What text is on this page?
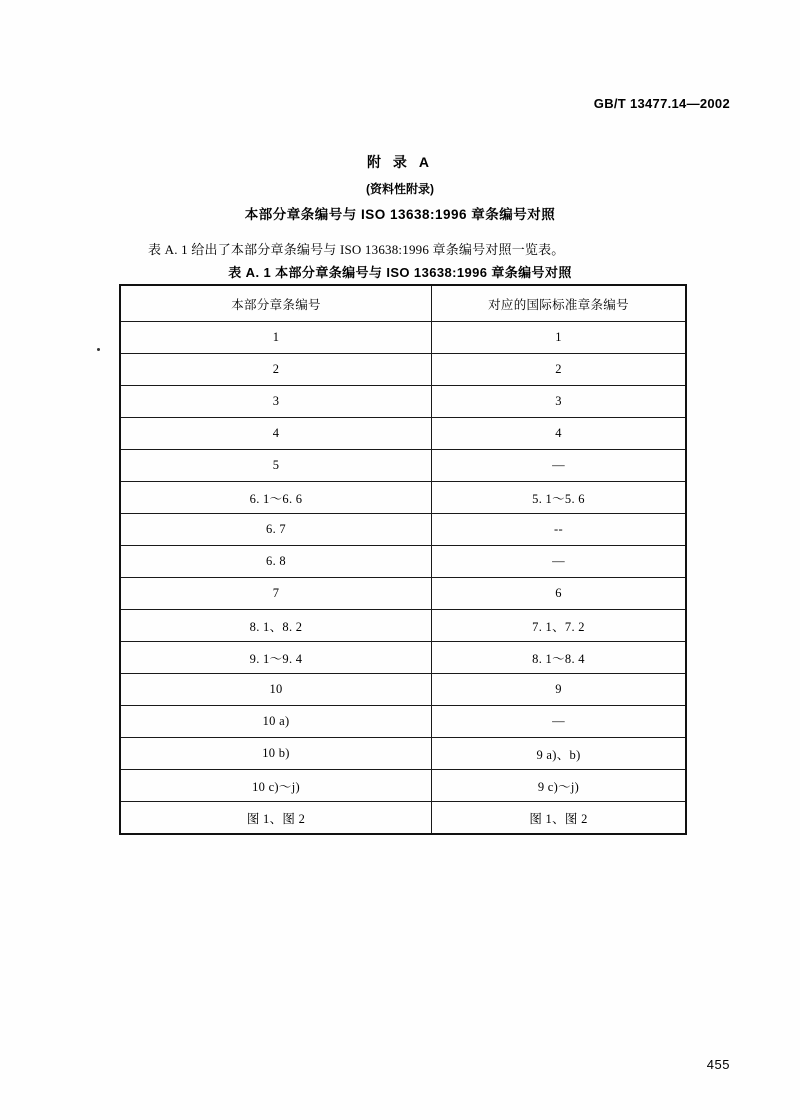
GB/T 13477.14—2002
附 录 A
(资料性附录)
本部分章条编号与 ISO 13638:1996 章条编号对照
表 A. 1 给出了本部分章条编号与 ISO 13638:1996 章条编号对照一览表。
表 A. 1 本部分章条编号与 ISO 13638:1996 章条编号对照
本部分章条编号	对应的国际标准章条编号
1	1
2	2
3	3
4	4
5	—
6. 1～6. 6	5. 1～5. 6
6. 7	--
6. 8	—
7	6
8. 1、8. 2	7. 1、7. 2
9. 1～9. 4	8. 1～8. 4
10	9
10 a)	—
10 b)	9 a)、b)
10 c)～j)	9 c)～j)
图 1、图 2	图 1、图 2
455
